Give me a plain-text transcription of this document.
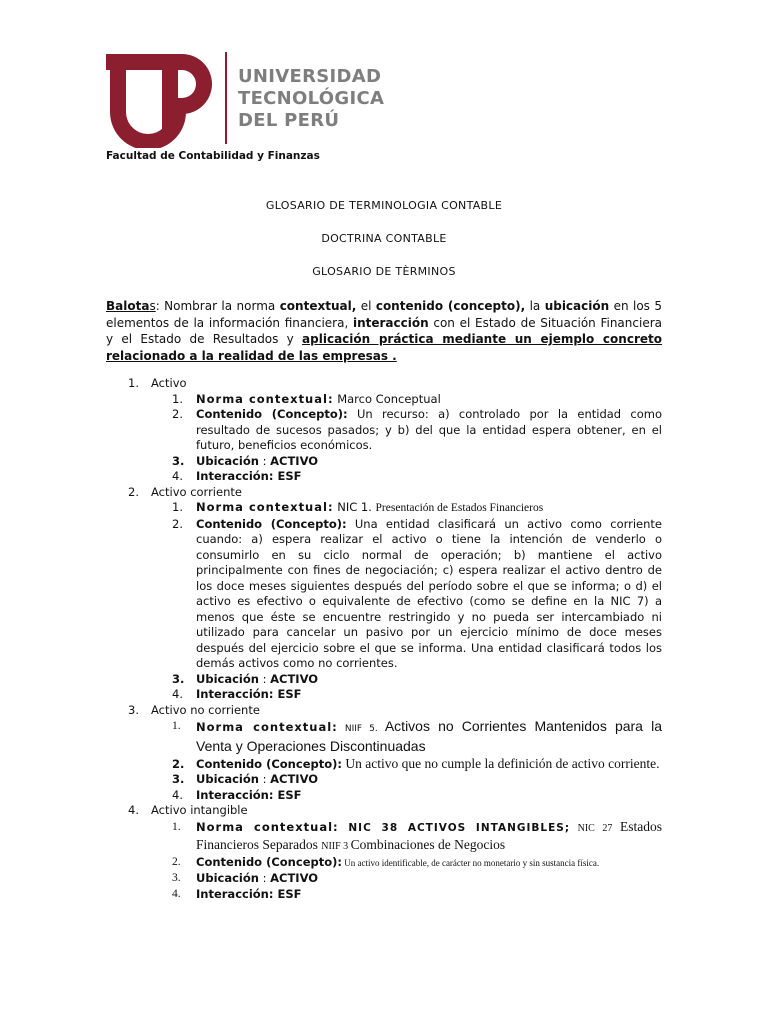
UNIVERSIDAD
TECNOLÓGICA
DEL PERÚ
Facultad de Contabilidad y Finanzas
GLOSARIO DE TERMINOLOGIA CONTABLE
DOCTRINA CONTABLE
GLOSARIO DE TÈRMINOS
Balotas: Nombrar la norma contextual, el contenido (concepto), la ubicación en los 5 elementos de la información financiera, interacción con el Estado de Situación Financiera y el Estado de Resultados y aplicación práctica mediante un ejemplo concreto relacionado a la realidad de las empresas .
1. Activo
1. Norma contextual: Marco Conceptual
2. Contenido (Concepto): Un recurso: a) controlado por la entidad como resultado de sucesos pasados; y b) del que la entidad espera obtener, en el futuro, beneficios económicos.
3. Ubicación : ACTIVO
4. Interacción: ESF
2. Activo corriente
1. Norma contextual: NIC 1. Presentación de Estados Financieros
2. Contenido (Concepto): Una entidad clasificará un activo como corriente cuando: a) espera realizar el activo o tiene la intención de venderlo o consumirlo en su ciclo normal de operación; b) mantiene el activo principalmente con fines de negociación; c) espera realizar el activo dentro de los doce meses siguientes después del período sobre el que se informa; o d) el activo es efectivo o equivalente de efectivo (como se define en la NIC 7) a menos que éste se encuentre restringido y no pueda ser intercambiado ni utilizado para cancelar un pasivo por un ejercicio mínimo de doce meses después del ejercicio sobre el que se informa. Una entidad clasificará todos los demás activos como no corrientes.
3. Ubicación : ACTIVO
4. Interacción: ESF
3. Activo no corriente
1. Norma contextual: NIIF 5. Activos no Corrientes Mantenidos para la Venta y Operaciones Discontinuadas
2. Contenido (Concepto): Un activo que no cumple la definición de activo corriente.
3. Ubicación : ACTIVO
4. Interacción: ESF
4. Activo intangible
1. Norma contextual: NIC 38 ACTIVOS INTANGIBLES; NIC 27 Estados Financieros Separados NIIF 3 Combinaciones de Negocios
2. Contenido (Concepto): Un activo identificable, de carácter no monetario y sin sustancia física.
3. Ubicación : ACTIVO
4. Interacción: ESF
